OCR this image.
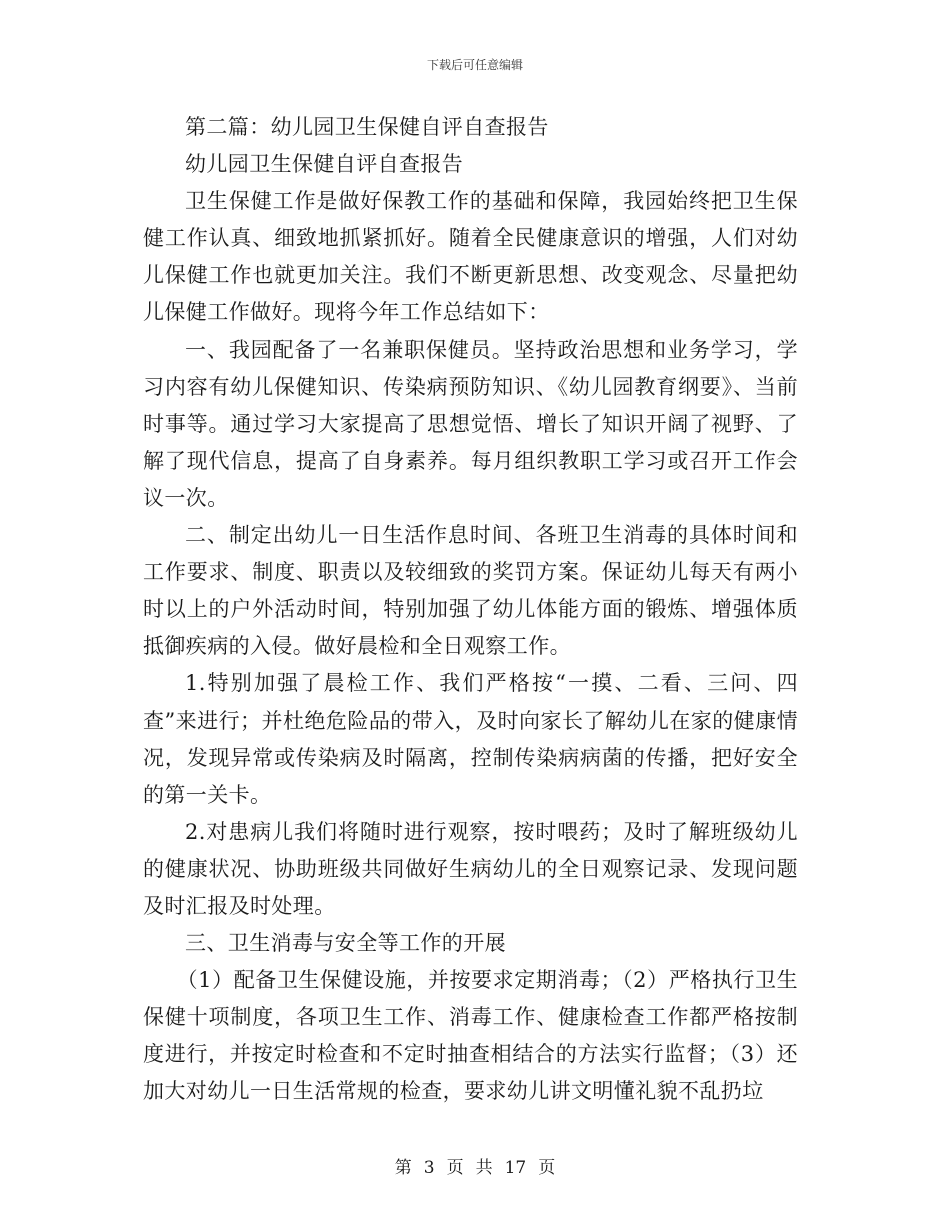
下载后可任意编辑

第二篇：幼儿园卫生保健自评自查报告

幼儿园卫生保健自评自查报告

卫生保健工作是做好保教工作的基础和保障，我园始终把卫生保健工作认真、细致地抓紧抓好。随着全民健康意识的增强，人们对幼儿保健工作也就更加关注。我们不断更新思想、改变观念、尽量把幼儿保健工作做好。现将今年工作总结如下：

一、我园配备了一名兼职保健员。坚持政治思想和业务学习，学习内容有幼儿保健知识、传染病预防知识、《幼儿园教育纲要》、当前时事等。通过学习大家提高了思想觉悟、增长了知识开阔了视野、了解了现代信息，提高了自身素养。每月组织教职工学习或召开工作会议一次。

二、制定出幼儿一日生活作息时间、各班卫生消毒的具体时间和工作要求、制度、职责以及较细致的奖罚方案。保证幼儿每天有两小时以上的户外活动时间，特别加强了幼儿体能方面的锻炼、增强体质抵御疾病的入侵。做好晨检和全日观察工作。

1.特别加强了晨检工作、我们严格按“一摸、二看、三问、四查”来进行；并杜绝危险品的带入，及时向家长了解幼儿在家的健康情况，发现异常或传染病及时隔离，控制传染病病菌的传播，把好安全的第一关卡。

2.对患病儿我们将随时进行观察，按时喂药；及时了解班级幼儿的健康状况、协助班级共同做好生病幼儿的全日观察记录、发现问题及时汇报及时处理。

三、卫生消毒与安全等工作的开展

（1）配备卫生保健设施，并按要求定期消毒；（2）严格执行卫生保健十项制度，各项卫生工作、消毒工作、健康检查工作都严格按制度进行，并按定时检查和不定时抽查相结合的方法实行监督；（3）还加大对幼儿一日生活常规的检查，要求幼儿讲文明懂礼貌不乱扔垃

第 3 页 共 17 页
